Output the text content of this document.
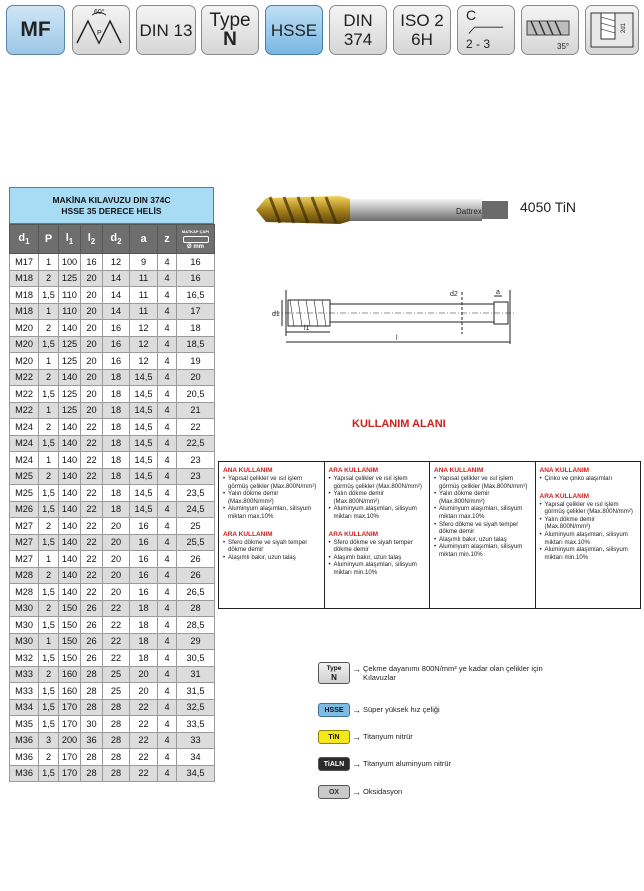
MF
60°
P DIN 13 Type
N HSSE DIN
374
ISO 2
6H
C
2 - 3	35°
2d1
MAKİNA KILAVUZU DIN 374C
HSSE 35 DERECE HELİS
$d_1$	P	$l_1$	$l_2$	$d_2$	a	z	MATKAP ÇAPI
Ø mm

M17	1	100	16	12	9	4	16
M18	2	125	20	14	11	4	16
M18	1,5	110	20	14	11	4	16,5
M18	1	110	20	14	11	4	17
M20	2	140	20	16	12	4	18
M20	1,5	125	20	16	12	4	18,5
M20	1	125	20	16	12	4	19
M22	2	140	20	18	14,5	4	20
M22	1,5	125	20	18	14,5	4	20,5
M22	1	125	20	18	14,5	4	21
M24	2	140	22	18	14,5	4	22
M24	1,5	140	22	18	14,5	4	22,5
M24	1	140	22	18	14,5	4	23
M25	2	140	22	18	14,5	4	23
M25	1,5	140	22	18	14,5	4	23,5
M26	1,5	140	22	18	14,5	4	24,5
M27	2	140	22	20	16	4	25
M27	1,5	140	22	20	16	4	25,5
M27	1	140	22	20	16	4	26
M28	2	140	22	20	16	4	26
M28	1,5	140	22	20	16	4	26,5
M30	2	150	26	22	18	4	28
M30	1,5	150	26	22	18	4	28,5
M30	1	150	26	22	18	4	29
M32	1,5	150	26	22	18	4	30,5
M33	2	160	28	25	20	4	31
M33	1,5	160	28	25	20	4	31,5
M34	1,5	170	28	28	22	4	32,5
M35	1,5	170	30	28	22	4	33,5
M36	3	200	36	28	22	4	33
M36	2	170	28	28	22	4	34
M36	1,5	170	28	28	22	4	34,5
Dattrex	4050 TiN
d1
l1
l
d2	a
KULLANIM ALANI
ANA KULLANIM
• Yapısal çelikler ve ısıl işlem görmüş çelikler (Max.800N/mm²)
• Yalın dökme demir (Max.800N/mm²)
• Aluminyum alaşımları, silisyum miktarı max.10%
ARA KULLANIM
• Sfero dökme ve siyah temper dökme demir
• Alaşımlı bakır, uzun talaş
ARA KULLANIM
• Yapısal çelikler ve ısıl işlem görmüş çelikler (Max.800N/mm²)
• Yalın dökme demir (Max.800N/mm²)
• Aluminyum alaşımları, silisyum miktarı max.10%
ARA KULLANIM
• Sfero dökme ve siyah temper dökme demir
• Alaşımlı bakır, uzun talaş
• Aluminyum alaşımları, silisyum miktarı min.10%
ANA KULLANIM
• Yapısal çelikler ve ısıl işlem görmüş çelikler (Max.800N/mm²)
• Yalın dökme demir (Max.800N/mm²)
• Aluminyum alaşımları, silisyum miktarı max.10%
• Sfero dökme ve siyah temper dökme demir
• Alaşımlı bakır, uzun talaş
• Aluminyum alaşımları, silisyum miktarı min.10%
ANA KULLANIM
• Çinko ve çinko alaşımları
ARA KULLANIM
• Yapısal çelikler ve ısıl işlem görmüş çelikler (Max.800N/mm²)
• Yalın dökme demir (Max.800N/mm²)
• Aluminyum alaşımları, silisyum miktarı max.10%
• Aluminyum alaşımları, silisyum miktarı min.10%
Type
N
→ Çekme dayanımı 800N/mm² ye kadar olan çelikler için Kılavuzlar
HSSE → Süper yüksek hız çeliği
TiN	→ Titanyum nitrür
TiALN → Titanyum aluminyum nitrür
OX	→ Oksidasyon
